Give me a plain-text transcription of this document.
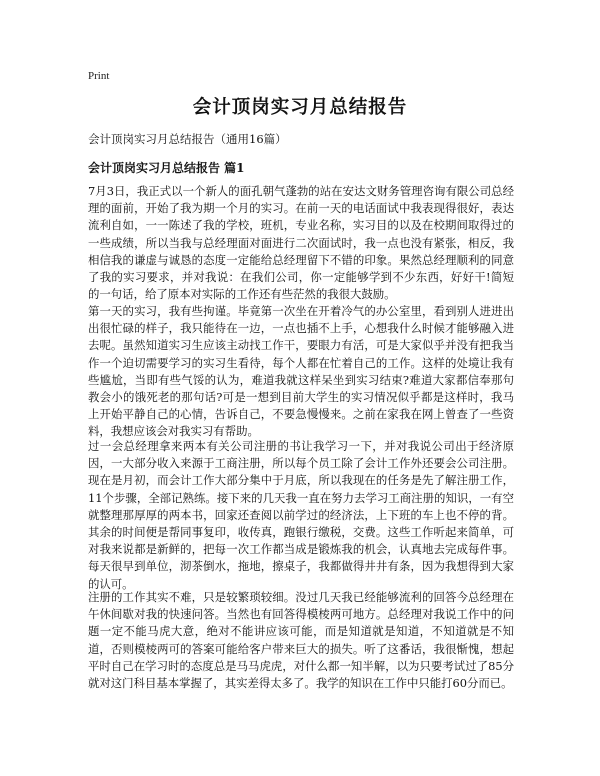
Print
会计顶岗实习月总结报告
会计顶岗实习月总结报告（通用16篇）
会计顶岗实习月总结报告 篇1

7月3日，我正式以一个新人的面孔朝气蓬勃的站在安达文财务管理咨询有限公司总经理的面前，开始了我为期一个月的实习。在前一天的电话面试中我表现得很好，表达流利自如，一一陈述了我的学校，班机，专业名称，实习目的以及在校期间取得过的一些成绩，所以当我与总经理面对面进行二次面试时，我一点也没有紧张，相反，我相信我的谦虚与诚恳的态度一定能给总经理留下不错的印象。果然总经理顺利的同意了我的实习要求，并对我说：在我们公司，你一定能够学到不少东西，好好干!简短的一句话，给了原本对实际的工作还有些茫然的我很大鼓励。

第一天的实习，我有些拘谨。毕竟第一次坐在开着冷气的办公室里，看到别人进进出出很忙碌的样子，我只能待在一边，一点也插不上手，心想我什么时候才能够融入进去呢。虽然知道实习生应该主动找工作干，要眼力有活，可是大家似乎并没有把我当作一个迫切需要学习的实习生看待，每个人都在忙着自己的工作。这样的处境让我有些尴尬，当即有些气馁的认为，难道我就这样呆坐到实习结束?难道大家都信奉那句教会小的饿死老的那句话?可是一想到目前大学生的实习情况似乎都是这样时，我马上开始平静自己的心情，告诉自己，不要急慢慢来。之前在家我在网上曾查了一些资料，我想应该会对我实习有帮助。

过一会总经理拿来两本有关公司注册的书让我学习一下，并对我说公司出于经济原因，一大部分收入来源于工商注册，所以每个员工除了会计工作外还要会公司注册。现在是月初，而会计工作大部分集中于月底，所以我现在的任务是先了解注册工作，11个步骤，全部记熟练。接下来的几天我一直在努力去学习工商注册的知识，一有空就整理那厚厚的两本书，回家还查阅以前学过的经济法，上下班的车上也不停的背。其余的时间便是帮同事复印，收传真，跑银行缴税，交费。这些工作听起来简单，可对我来说都是新鲜的，把每一次工作都当成是锻炼我的机会，认真地去完成每件事。每天很早到单位，沏茶倒水，拖地，擦桌子，我都做得井井有条，因为我想得到大家的认可。

注册的工作其实不难，只是较繁琐较细。没过几天我已经能够流利的回答今总经理在午休间歇对我的快速问答。当然也有回答得模棱两可地方。总经理对我说工作中的问题一定不能马虎大意，绝对不能讲应该可能，而是知道就是知道，不知道就是不知道，否则模棱两可的答案可能给客户带来巨大的损失。听了这番话，我很惭愧，想起平时自己在学习时的态度总是马马虎虎，对什么都一知半解，以为只要考试过了85分就对这门科目基本掌握了，其实差得太多了。我学的知识在工作中只能打60分而已。
